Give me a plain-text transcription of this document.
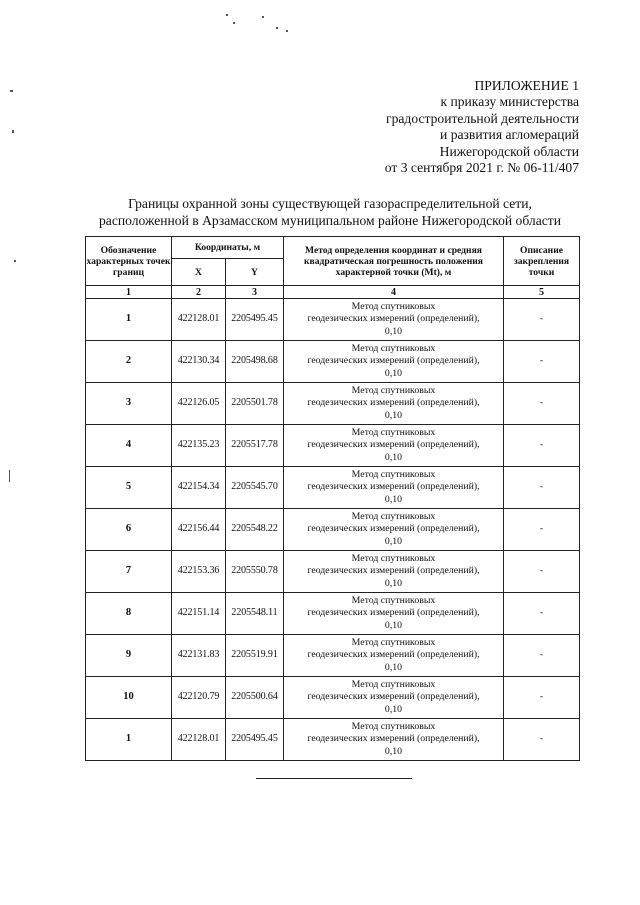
ПРИЛОЖЕНИЕ 1
к приказу министерства
градостроительной деятельности
и развития агломераций
Нижегородской области
от 3 сентября 2021 г. № 06-11/407
Границы охранной зоны существующей газораспределительной сети,
расположенной в Арзамасском муниципальном районе Нижегородской области
Обозначение характерных точек границ	Координаты, м		Метод определения координат и средняя квадратическая погрешность положения характерной точки (Mt), м	Описание закрепления точки
	X	Y		
1	2	3	4	5
1	422128.01	2205495.45	Метод спутниковых
геодезических измерений (определений),
0,10	-
2	422130.34	2205498.68	Метод спутниковых
геодезических измерений (определений),
0,10	-
3	422126.05	2205501.78	Метод спутниковых
геодезических измерений (определений),
0,10	-
4	422135.23	2205517.78	Метод спутниковых
геодезических измерений (определений),
0,10	-
5	422154.34	2205545.70	Метод спутниковых
геодезических измерений (определений),
0,10	-
6	422156.44	2205548.22	Метод спутниковых
геодезических измерений (определений),
0,10	-
7	422153.36	2205550.78	Метод спутниковых
геодезических измерений (определений),
0,10	-
8	422151.14	2205548.11	Метод спутниковых
геодезических измерений (определений),
0,10	-
9	422131.83	2205519.91	Метод спутниковых
геодезических измерений (определений),
0,10	-
10	422120.79	2205500.64	Метод спутниковых
геодезических измерений (определений),
0,10	-
1	422128.01	2205495.45	Метод спутниковых
геодезических измерений (определений),
0,10	-
